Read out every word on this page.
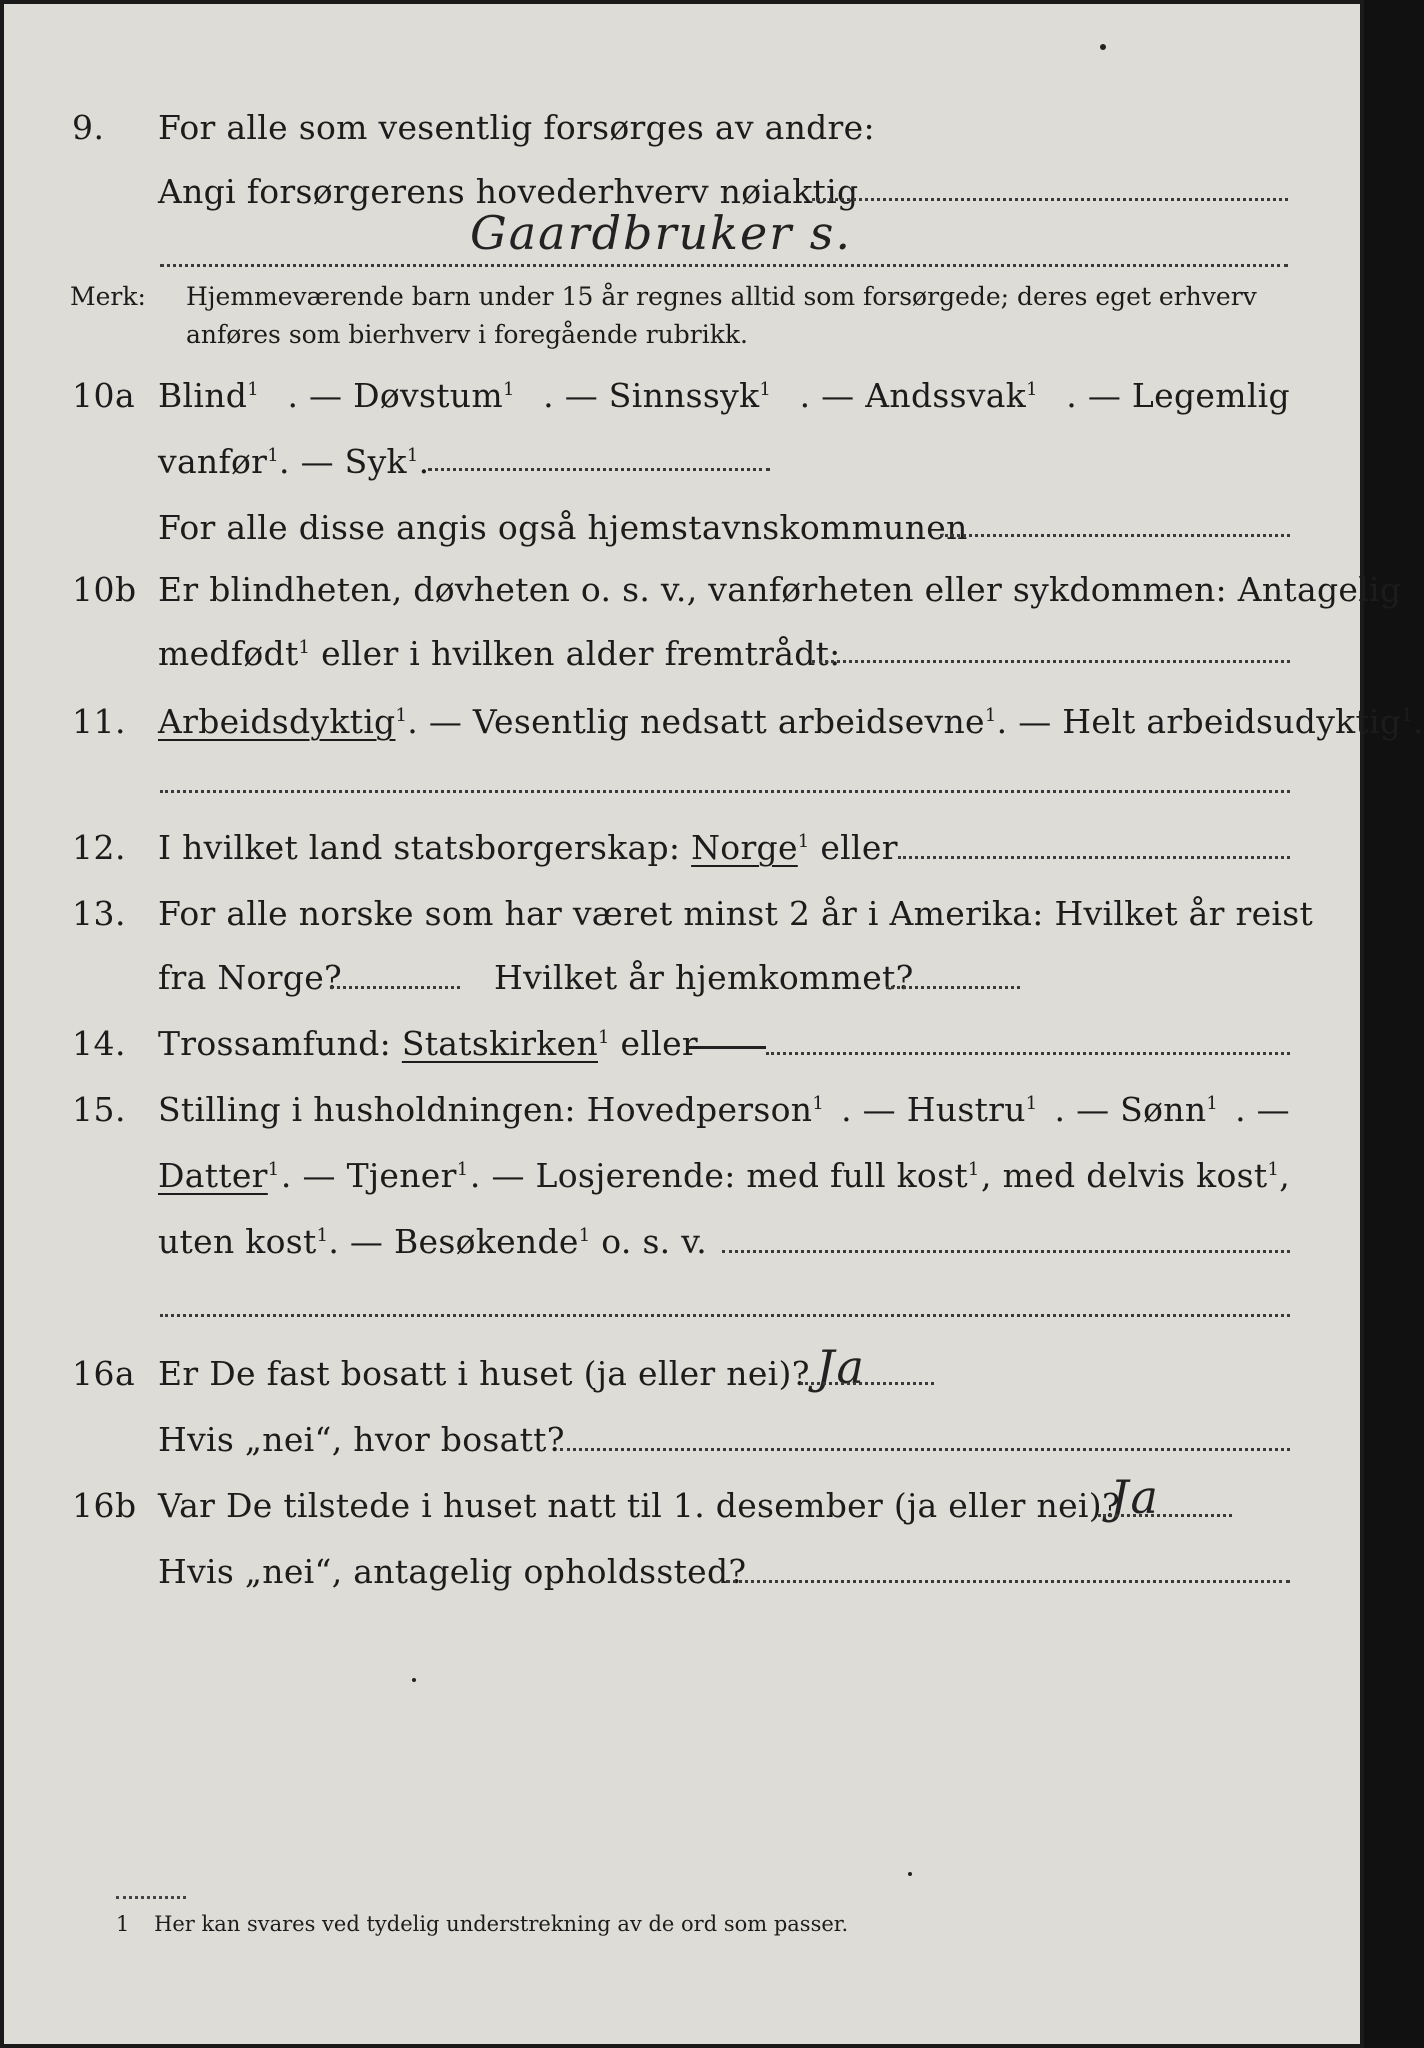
9. For alle som vesentlig forsørges av andre:
Angi forsørgerens hovederhverv nøiaktig
Gaardbruker s.
Merk: Hjemmeværende barn under 15 år regnes alltid som forsørgede; deres eget erhverv
anføres som bierhverv i foregående rubrikk.
10a Blind$^1$ . — Døvstum$^1$ . — Sinnssyk$^1$ . — Andssvak$^1$ . — Legemlig
vanfør$^1$. — Syk$^1$.
For alle disse angis også hjemstavnskommunen
10b Er blindheten, døvheten o. s. v., vanførheten eller sykdommen: Antagelig
medfødt$^1$ eller i hvilken alder fremtrådt:
11. Arbeidsdyktig$^1$. — Vesentlig nedsatt arbeidsevne$^1$. — Helt arbeidsudyktig$^1$.
12. I hvilket land statsborgerskap: Norge$^1$ eller
13. For alle norske som har været minst 2 år i Amerika: Hvilket år reist
fra Norge?	Hvilket år hjemkommet?
14. Trossamfund: Statskirken$^1$ eller
15. Stilling i husholdningen: Hovedperson$^1$ . — Hustru$^1$ . — Sønn$^1$ . —
Datter$^1$ . — Tjener$^1$ . — Losjerende: med full kost$^1$ , med delvis kost$^1$,
uten kost$^1$. — Besøkende$^1$ o. s. v.
16a Er De fast bosatt i huset (ja eller nei)? Ja
Hvis „nei“, hvor bosatt?
16b Var De tilstede i huset natt til 1. desember (ja eller nei)?
Ja
Hvis „nei“, antagelig opholdssted?
1 Her kan svares ved tydelig understrekning av de ord som passer.
